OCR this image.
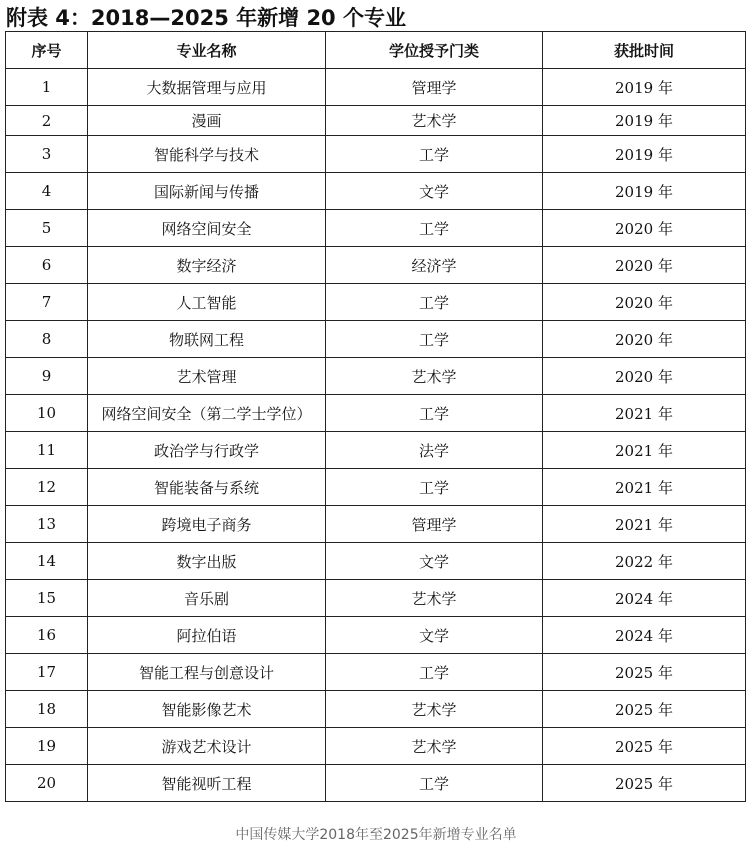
附表 4：2018—2025 年新增 20 个专业
序号	专业名称	学位授予门类	获批时间
1	大数据管理与应用	管理学	2019 年
2	漫画	艺术学	2019 年
3	智能科学与技术	工学	2019 年
4	国际新闻与传播	文学	2019 年
5	网络空间安全	工学	2020 年
6	数字经济	经济学	2020 年
7	人工智能	工学	2020 年
8	物联网工程	工学	2020 年
9	艺术管理	艺术学	2020 年
10	网络空间安全（第二学士学位）	工学	2021 年
11	政治学与行政学	法学	2021 年
12	智能装备与系统	工学	2021 年
13	跨境电子商务	管理学	2021 年
14	数字出版	文学	2022 年
15	音乐剧	艺术学	2024 年
16	阿拉伯语	文学	2024 年
17	智能工程与创意设计	工学	2025 年
18	智能影像艺术	艺术学	2025 年
19	游戏艺术设计	艺术学	2025 年
20	智能视听工程	工学	2025 年
中国传媒大学2018年至2025年新增专业名单
